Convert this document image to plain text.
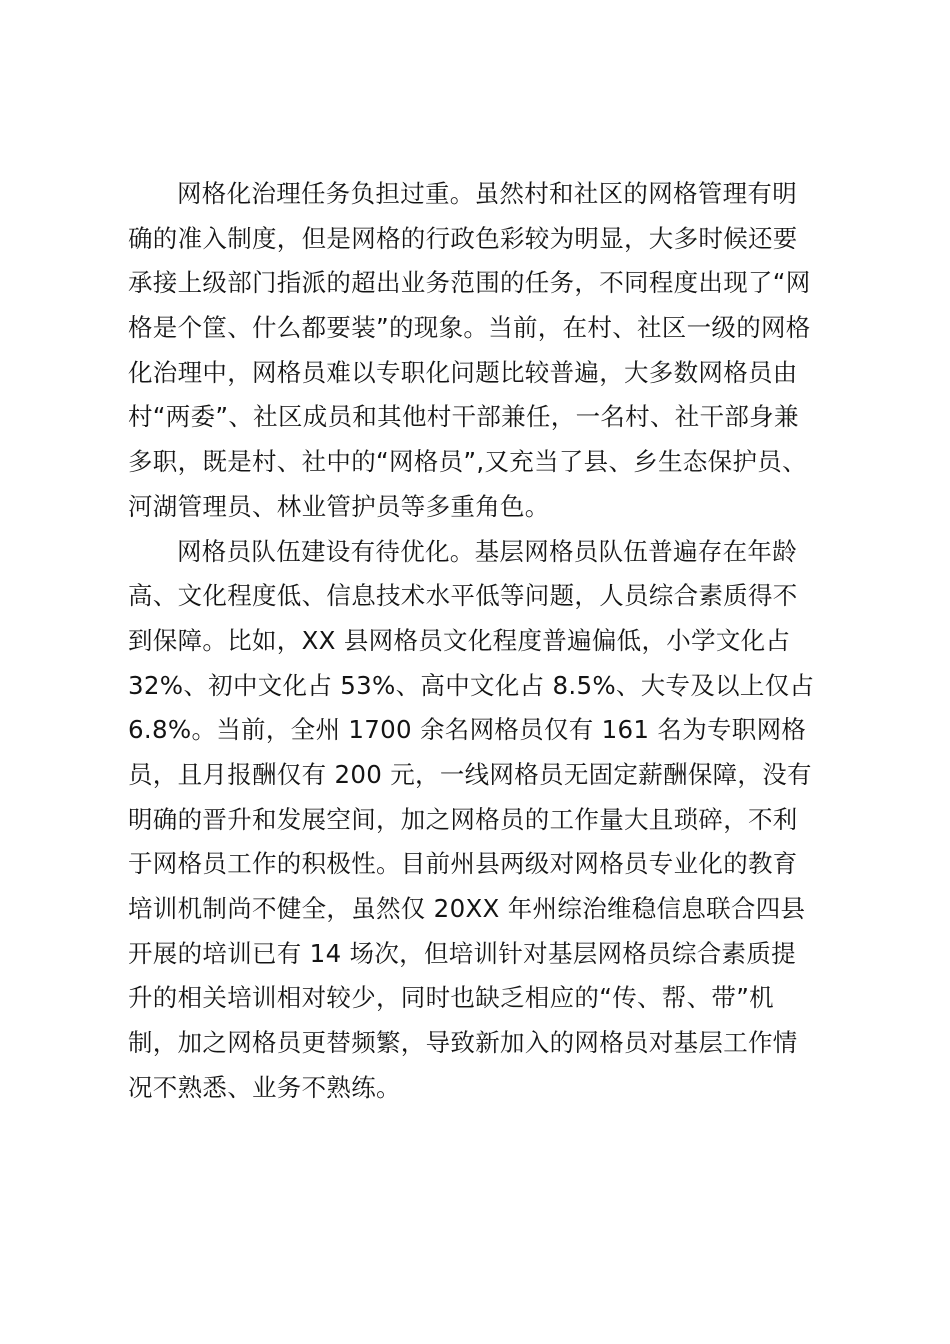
网格化治理任务负担过重。虽然村和社区的网格管理有明
确的准入制度，但是网格的行政色彩较为明显，大多时候还要
承接上级部门指派的超出业务范围的任务，不同程度出现了“网
格是个筐、什么都要装”的现象。当前，在村、社区一级的网格
化治理中，网格员难以专职化问题比较普遍，大多数网格员由
村“两委”、社区成员和其他村干部兼任，一名村、社干部身兼
多职，既是村、社中的“网格员”,又充当了县、乡生态保护员、
河湖管理员、林业管护员等多重角色。
网格员队伍建设有待优化。基层网格员队伍普遍存在年龄
高、文化程度低、信息技术水平低等问题，人员综合素质得不
到保障。比如，XX 县网格员文化程度普遍偏低，小学文化占
32%、初中文化占 53%、高中文化占 8.5%、大专及以上仅占
6.8%。当前，全州 1700 余名网格员仅有 161 名为专职网格
员，且月报酬仅有 200 元，一线网格员无固定薪酬保障，没有
明确的晋升和发展空间，加之网格员的工作量大且琐碎，不利
于网格员工作的积极性。目前州县两级对网格员专业化的教育
培训机制尚不健全，虽然仅 20XX 年州综治维稳信息联合四县
开展的培训已有 14 场次，但培训针对基层网格员综合素质提
升的相关培训相对较少，同时也缺乏相应的“传、帮、带”机
制，加之网格员更替频繁，导致新加入的网格员对基层工作情
况不熟悉、业务不熟练。
